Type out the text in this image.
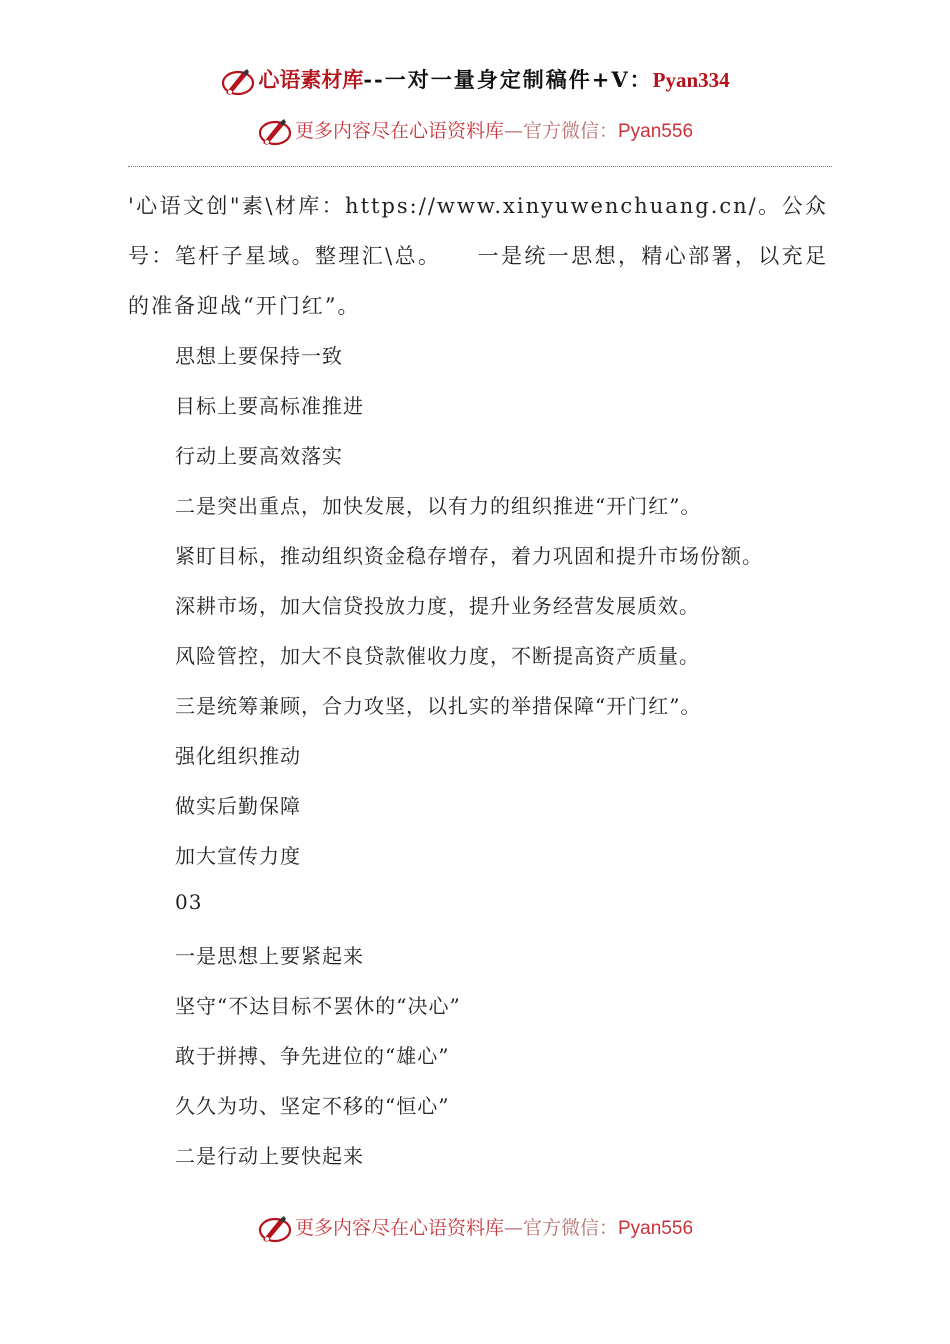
心语素材库--一对一量身定制稿件+V：Pyan334
更多内容尽在心语资料库—官方微信：Pyan556
'心语文创"素\材库：https://www.xinyuwenchuang.cn/。公众号：笔杆子星域。整理汇\总。　　一是统一思想，精心部署，以充足的准备迎战“开门红”。
思想上要保持一致
目标上要高标准推进
行动上要高效落实
二是突出重点，加快发展，以有力的组织推进“开门红”。
紧盯目标，推动组织资金稳存增存，着力巩固和提升市场份额。
深耕市场，加大信贷投放力度，提升业务经营发展质效。
风险管控，加大不良贷款催收力度，不断提高资产质量。
三是统筹兼顾，合力攻坚，以扎实的举措保障“开门红”。
强化组织推动
做实后勤保障
加大宣传力度
03
一是思想上要紧起来
坚守“不达目标不罢休的“决心”
敢于拼搏、争先进位的“雄心”
久久为功、坚定不移的“恒心”
二是行动上要快起来
更多内容尽在心语资料库—官方微信：Pyan556
